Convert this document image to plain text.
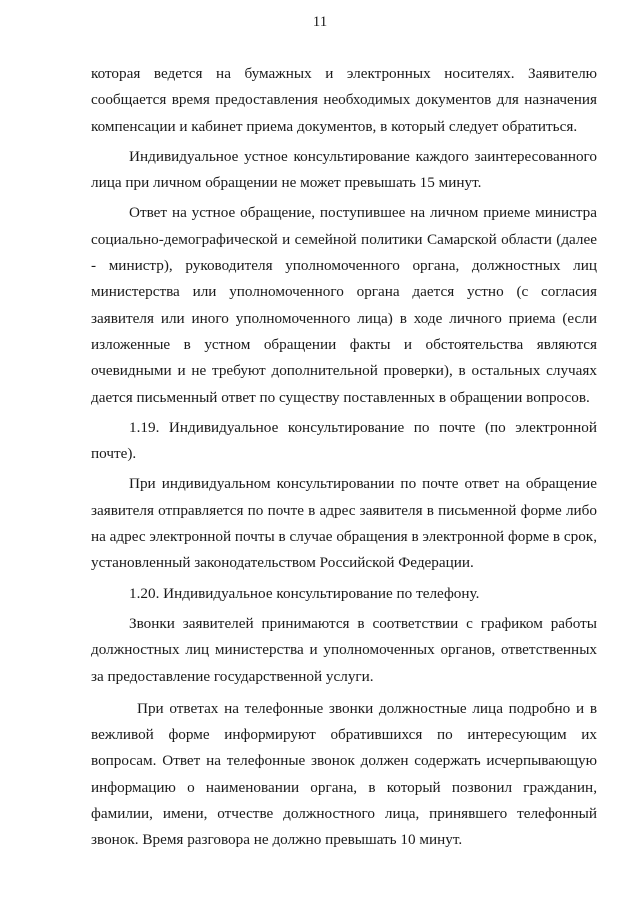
11

которая ведется на бумажных и электронных носителях. Заявителю сообщается время предоставления необходимых документов для назначения компенсации и кабинет приема документов, в который следует обратиться.

Индивидуальное устное консультирование каждого заинтересованного лица при личном обращении не может превышать 15 минут.

Ответ на устное обращение, поступившее на личном приеме министра социально-демографической и семейной политики Самарской области (далее - министр), руководителя уполномоченного органа, должностных лиц министерства или уполномоченного органа дается устно (с согласия заявителя или иного уполномоченного лица) в ходе личного приема (если изложенные в устном обращении факты и обстоятельства являются очевидными и не требуют дополнительной проверки), в остальных случаях дается письменный ответ по существу поставленных в обращении вопросов.

1.19. Индивидуальное консультирование по почте (по электронной почте).

При индивидуальном консультировании по почте ответ на обращение заявителя отправляется по почте в адрес заявителя в письменной форме либо на адрес электронной почты в случае обращения в электронной форме в срок, установленный законодательством Российской Федерации.

1.20. Индивидуальное консультирование по телефону.

Звонки заявителей принимаются в соответствии с графиком работы должностных лиц министерства и уполномоченных органов, ответственных за предоставление государственной услуги.

При ответах на телефонные звонки должностные лица подробно и в вежливой форме информируют обратившихся по интересующим их вопросам. Ответ на телефонные звонок должен содержать исчерпывающую информацию о наименовании органа, в который позвонил гражданин, фамилии, имени, отчестве должностного лица, принявшего телефонный звонок. Время разговора не должно превышать 10 минут.
